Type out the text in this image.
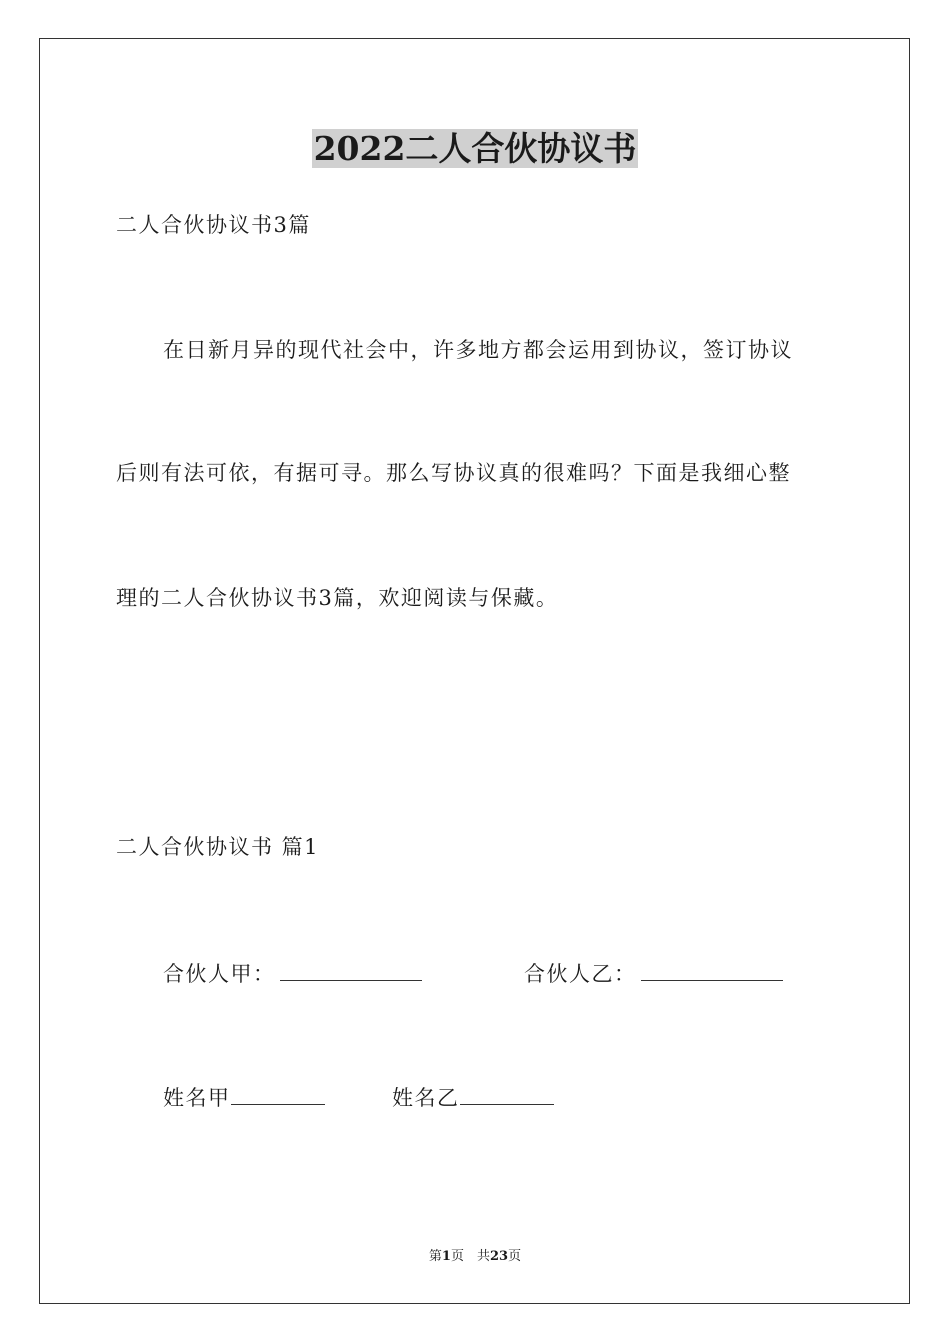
2022二人合伙协议书
二人合伙协议书3篇
在日新月异的现代社会中，许多地方都会运用到协议，签订协议
后则有法可依，有据可寻。那么写协议真的很难吗？下面是我细心整
理的二人合伙协议书3篇，欢迎阅读与保藏。
二人合伙协议书 篇1
合伙人甲：	合伙人乙：
姓名甲	姓名乙
第1页　共23页
